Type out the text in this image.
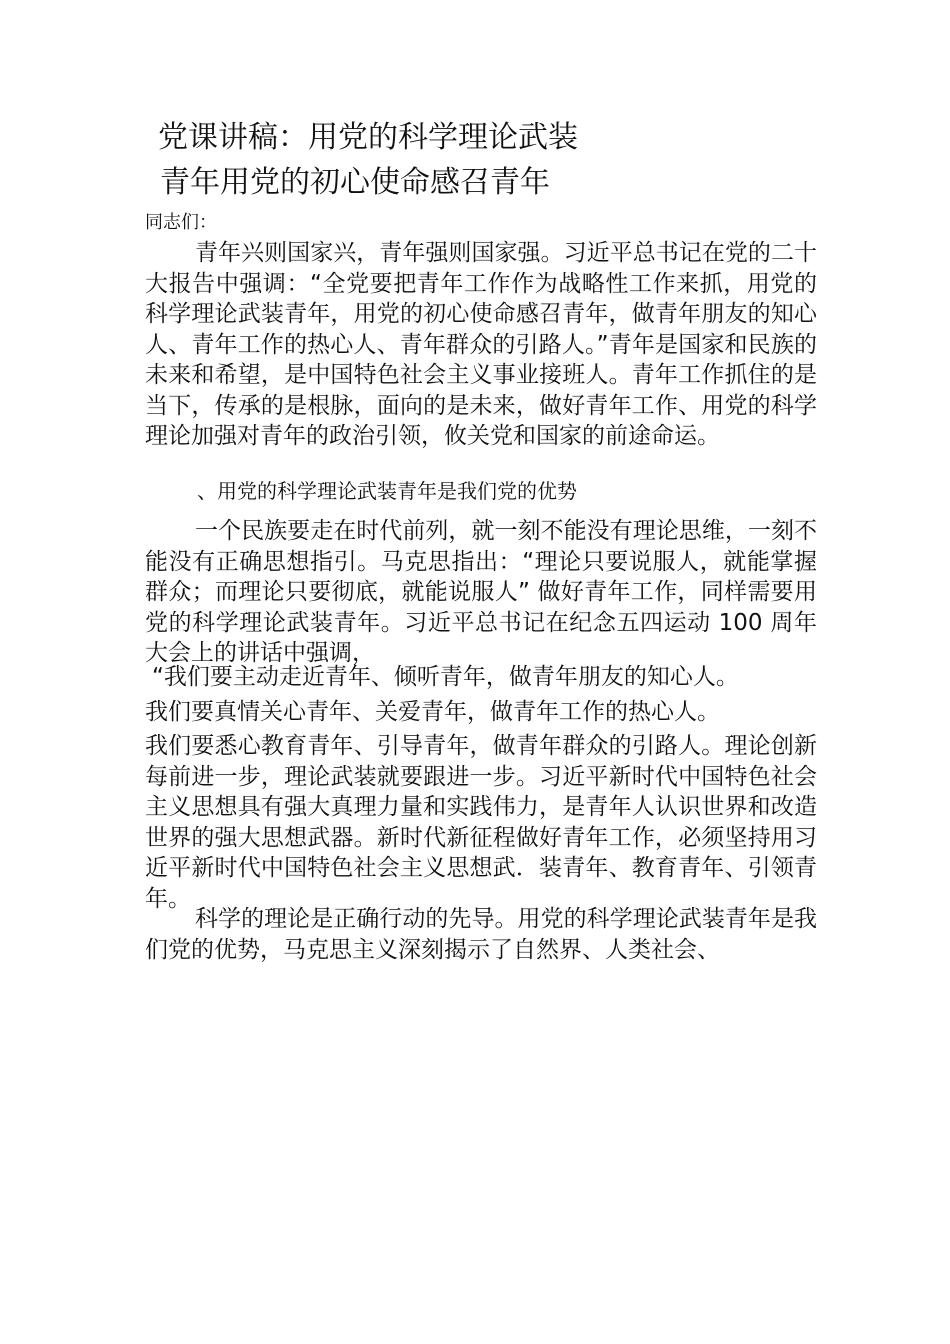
党课讲稿：用党的科学理论武装
青年用党的初心使命感召青年
同志们：

青年兴则国家兴，青年强则国家强。习近平总书记在党的二十大报告中强调：“全党要把青年工作作为战略性工作来抓，用党的科学理论武装青年，用党的初心使命感召青年，做青年朋友的知心人、青年工作的热心人、青年群众的引路人。”青年是国家和民族的未来和希望，是中国特色社会主义事业接班人。青年工作抓住的是当下，传承的是根脉，面向的是未来，做好青年工作、用党的科学理论加强对青年的政治引领，攸关党和国家的前途命运。

、用党的科学理论武装青年是我们党的优势

一个民族要走在时代前列，就一刻不能没有理论思维，一刻不能没有正确思想指引。马克思指出：“理论只要说服人，就能掌握群众；而理论只要彻底，就能说服人” 做好青年工作，同样需要用党的科学理论武装青年。习近平总书记在纪念五四运动 100 周年大会上的讲话中强调，

“我们要主动走近青年、倾听青年，做青年朋友的知心人。
我们要真情关心青年、关爱青年，做青年工作的热心人。

我们要悉心教育青年、引导青年，做青年群众的引路人。理论创新每前进一步，理论武装就要跟进一步。习近平新时代中国特色社会主义思想具有强大真理力量和实践伟力，是青年人认识世界和改造世界的强大思想武器。新时代新征程做好青年工作，必须坚持用习近平新时代中国特色社会主义思想武．装青年、教育青年、引领青年。

科学的理论是正确行动的先导。用党的科学理论武装青年是我们党的优势，马克思主义深刻揭示了自然界、人类社会、
